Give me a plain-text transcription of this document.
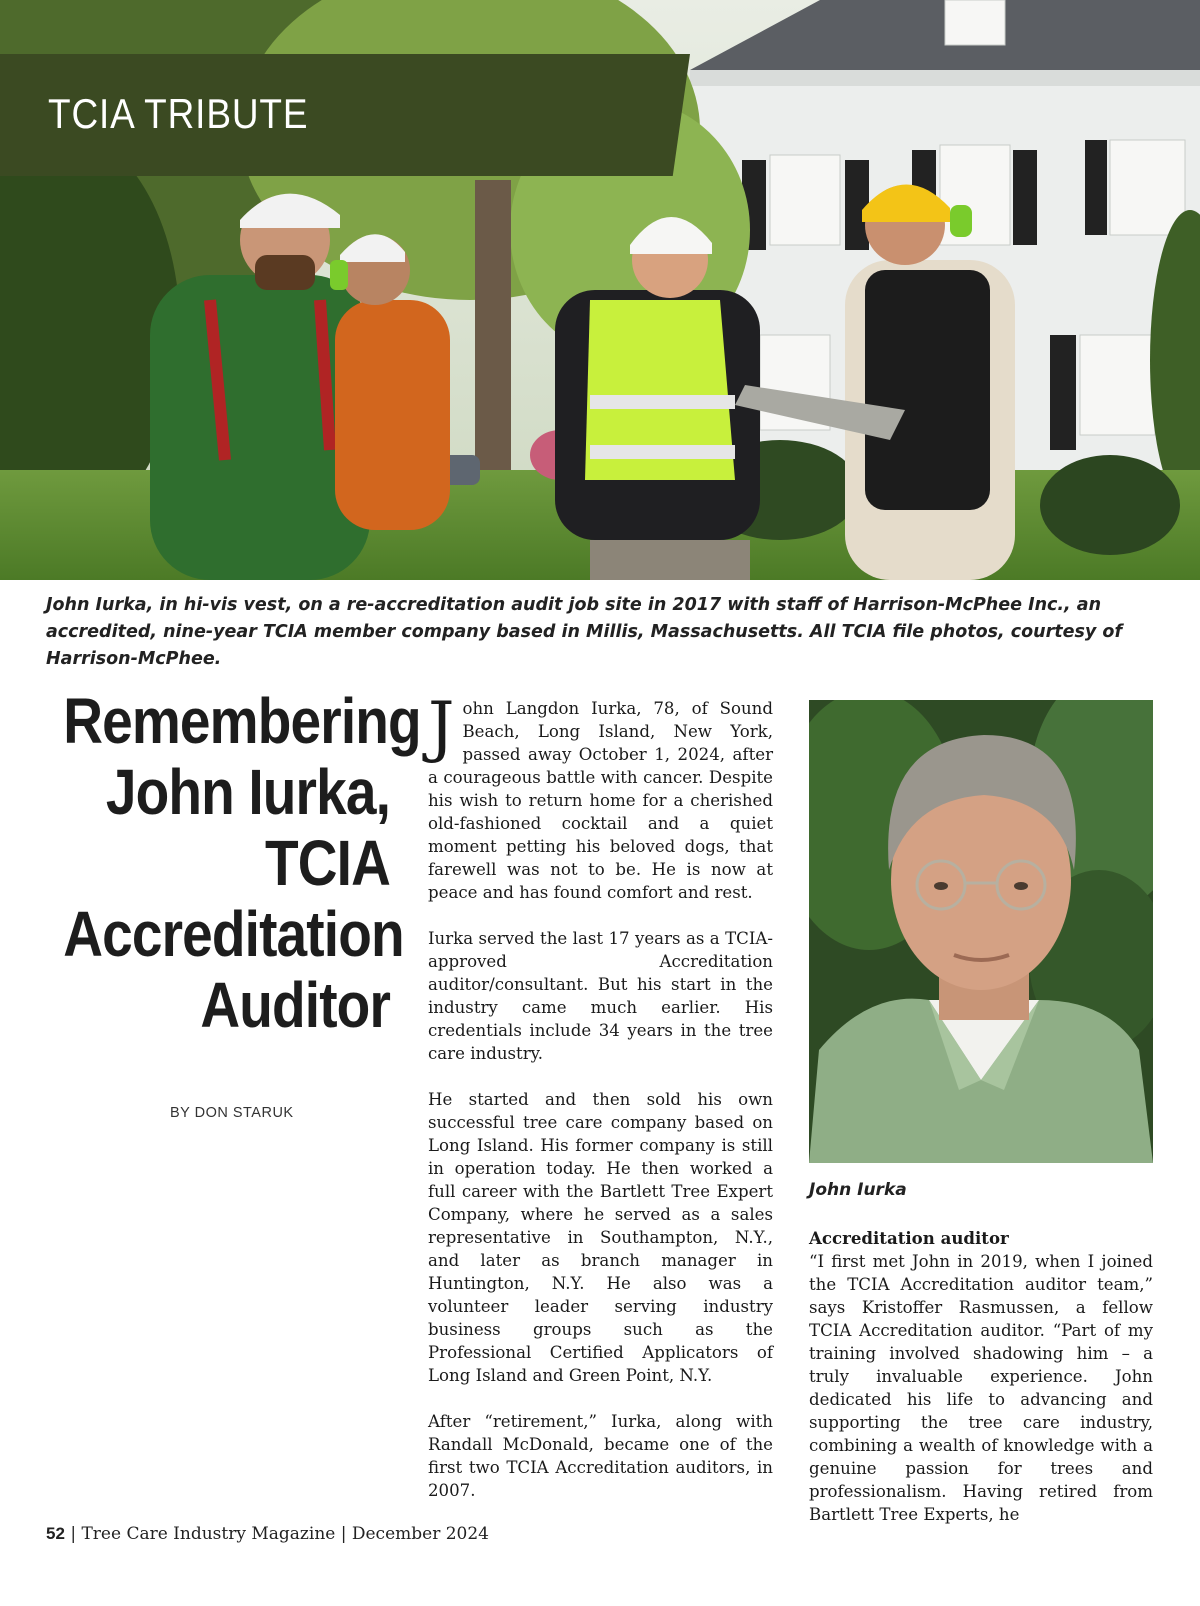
TCIA TRIBUTE
John Iurka, in hi-vis vest, on a re-accreditation audit job site in 2017 with staff of Harrison-McPhee Inc., an accredited, nine-year TCIA member company based in Millis, Massachusetts. All TCIA file photos, courtesy of Harrison-McPhee.
Remembering
John Iurka,
TCIA
Accreditation
Auditor
BY DON STARUK

John Langdon Iurka, 78, of Sound Beach, Long Island, New York, passed away October 1, 2024, after a courageous battle with cancer. Despite his wish to return home for a cherished old-fashioned cocktail and a quiet moment petting his beloved dogs, that farewell was not to be. He is now at peace and has found comfort and rest.

Iurka served the last 17 years as a TCIA-approved Accreditation auditor/consultant. But his start in the industry came much earlier. His credentials include 34 years in the tree care industry.

He started and then sold his own successful tree care company based on Long Island. His former company is still in operation today. He then worked a full career with the Bartlett Tree Expert Company, where he served as a sales representative in Southampton, N.Y., and later as branch manager in Huntington, N.Y. He also was a volunteer leader serving industry business groups such as the Professional Certified Applicators of Long Island and Green Point, N.Y.

After “retirement,” Iurka, along with Randall McDonald, became one of the first two TCIA Accreditation auditors, in 2007.

John Iurka
Accreditation auditor
“I first met John in 2019, when I joined the TCIA Accreditation auditor team,” says Kristoffer Rasmussen, a fellow TCIA Accreditation auditor. “Part of my training involved shadowing him – a truly invaluable experience. John dedicated his life to advancing and supporting the tree care industry, combining a wealth of knowledge with a genuine passion for trees and professionalism. Having retired from Bartlett Tree Experts, he
52 | Tree Care Industry Magazine | December 2024
